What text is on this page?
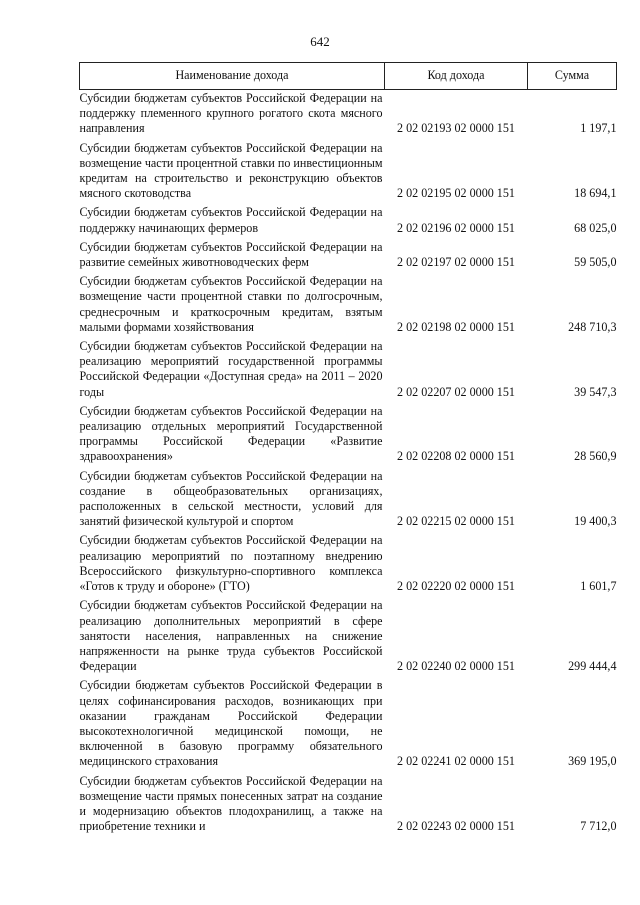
642
Наименование дохода	Код дохода	Сумма
Субсидии бюджетам субъектов Российской Федерации на поддержку племенного крупного рогатого скота мясного направления	2 02 02193 02 0000 151	1 197,1
Субсидии бюджетам субъектов Российской Федерации на возмещение части процентной ставки по инвестиционным кредитам на строительство и реконструкцию объектов мясного скотоводства	2 02 02195 02 0000 151	18 694,1
Субсидии бюджетам субъектов Российской Федерации на поддержку начинающих фермеров	2 02 02196 02 0000 151	68 025,0
Субсидии бюджетам субъектов Российской Федерации на развитие семейных животноводческих ферм	2 02 02197 02 0000 151	59 505,0
Субсидии бюджетам субъектов Российской Федерации на возмещение части процентной ставки по долгосрочным, среднесрочным и краткосрочным кредитам, взятым малыми формами хозяйствования	2 02 02198 02 0000 151	248 710,3
Субсидии бюджетам субъектов Российской Федерации на реализацию мероприятий государственной программы Российской Федерации «Доступная среда» на 2011 – 2020 годы	2 02 02207 02 0000 151	39 547,3
Субсидии бюджетам субъектов Российской Федерации на реализацию отдельных мероприятий Государственной программы Российской Федерации «Развитие здравоохранения»	2 02 02208 02 0000 151	28 560,9
Субсидии бюджетам субъектов Российской Федерации на создание в общеобразовательных организациях, расположенных в сельской местности, условий для занятий физической культурой и спортом	2 02 02215 02 0000 151	19 400,3
Субсидии бюджетам субъектов Российской Федерации на реализацию мероприятий по поэтапному внедрению Всероссийского физкультурно-спортивного комплекса «Готов к труду и обороне» (ГТО)	2 02 02220 02 0000 151	1 601,7
Субсидии бюджетам субъектов Российской Федерации на реализацию дополнительных мероприятий в сфере занятости населения, направленных на снижение напряженности на рынке труда субъектов Российской Федерации	2 02 02240 02 0000 151	299 444,4
Субсидии бюджетам субъектов Российской Федерации в целях софинансирования расходов, возникающих при оказании гражданам Российской Федерации высокотехнологичной медицинской помощи, не включенной в базовую программу обязательного медицинского страхования	2 02 02241 02 0000 151	369 195,0
Субсидии бюджетам субъектов Российской Федерации на возмещение части прямых понесенных затрат на создание и модернизацию объектов плодохранилищ, а также на приобретение техники и	2 02 02243 02 0000 151	7 712,0
